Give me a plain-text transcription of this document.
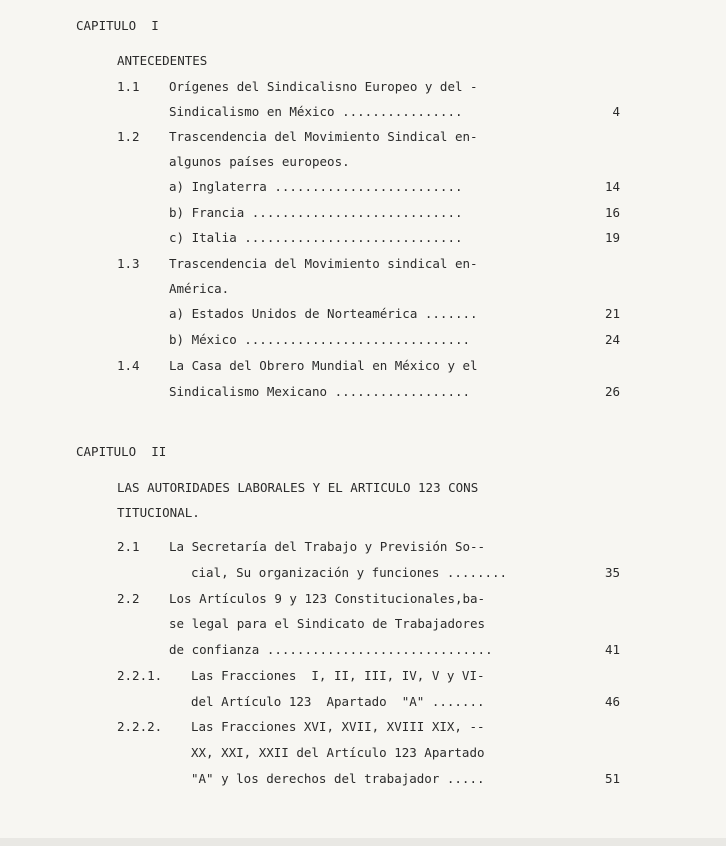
CAPITULO  I
ANTECEDENTES
1.1 Orígenes del Sindicalisno Europeo y del -
Sindicalismo en México ................	4
1.2 Trascendencia del Movimiento Sindical en-
algunos países europeos.
a) Inglaterra .........................	14
b) Francia ............................	16
c) Italia .............................	19
1.3 Trascendencia del Movimiento sindical en-
América.
a) Estados Unidos de Norteamérica .......	21
b) México ..............................	24
1.4 La Casa del Obrero Mundial en México y el
Sindicalismo Mexicano ..................	26
CAPITULO  II
LAS AUTORIDADES LABORALES Y EL ARTICULO 123 CONS
TITUCIONAL.
2.1 La Secretaría del Trabajo y Previsión So--
cial, Su organización y funciones ........	35
2.2 Los Artículos 9 y 123 Constitucionales,ba-
se legal para el Sindicato de Trabajadores
de confianza ..............................	41
2.2.1. Las Fracciones  I, II, III, IV, V y VI-
del Artículo 123  Apartado  "A" .......	46
2.2.2. Las Fracciones XVI, XVII, XVIII XIX, --
XX, XXI, XXII del Artículo 123 Apartado
"A" y los derechos del trabajador .....	51
